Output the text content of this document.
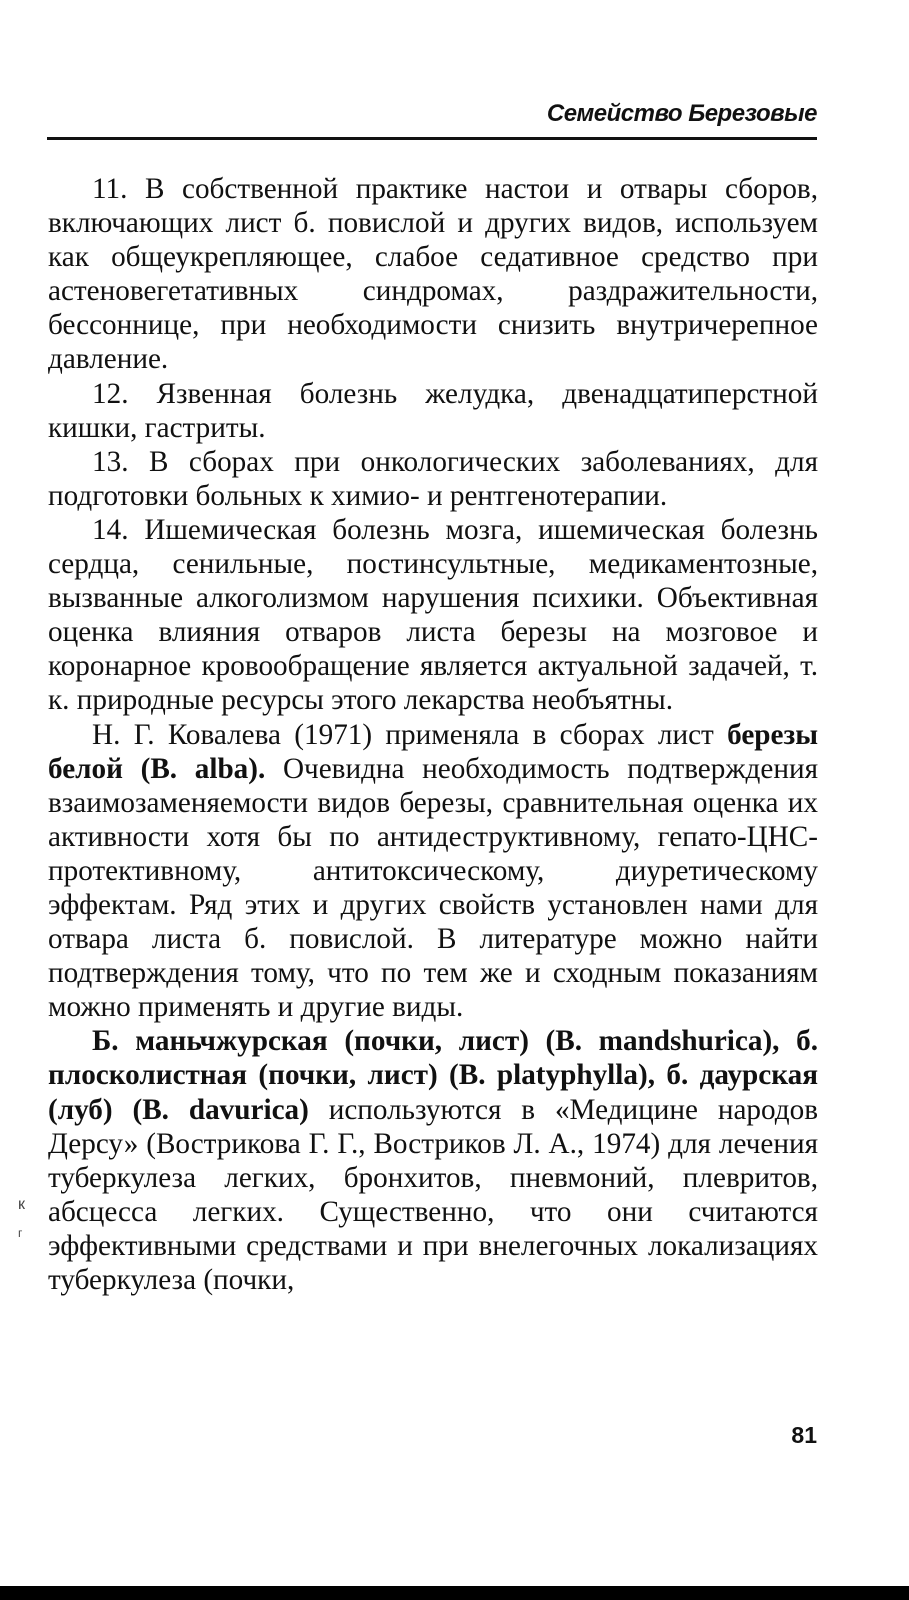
Семейство Березовые

11. В собственной практике настои и отвары сборов, включающих лист б. повислой и других видов, используем как общеукрепляющее, слабое седативное средство при астеновегетативных синдромах, раздражительности, бессоннице, при необходимости снизить внутричерепное давление.

12. Язвенная болезнь желудка, двенадцатиперстной кишки, гастриты.

13. В сборах при онкологических заболеваниях, для подготовки больных к химио- и рентгенотерапии.

14. Ишемическая болезнь мозга, ишемическая болезнь сердца, сенильные, постинсультные, медикаментозные, вызванные алкоголизмом нарушения психики. Объективная оценка влияния отваров листа березы на мозговое и коронарное кровообращение является актуальной задачей, т. к. природные ресурсы этого лекарства необъятны.

Н. Г. Ковалева (1971) применяла в сборах лист березы белой (B. alba). Очевидна необходимость подтверждения взаимозаменяемости видов березы, сравнительная оценка их активности хотя бы по антидеструктивному, гепато-ЦНС-протективному, антитоксическому, диуретическому эффектам. Ряд этих и других свойств установлен нами для отвара листа б. повислой. В литературе можно найти подтверждения тому, что по тем же и сходным показаниям можно применять и другие виды.

Б. маньчжурская (почки, лист) (B. mandshurica), б. плосколистная (почки, лист) (B. platyphylla), б. даурская (луб) (B. davurica) используются в «Медицине народов Дерсу» (Вострикова Г. Г., Востриков Л. А., 1974) для лечения туберкулеза легких, бронхитов, пневмоний, плевритов, абсцесса легких. Существенно, что они считаются эффективными средствами и при внелегочных локализациях туберкулеза (почки,

к
г
81
